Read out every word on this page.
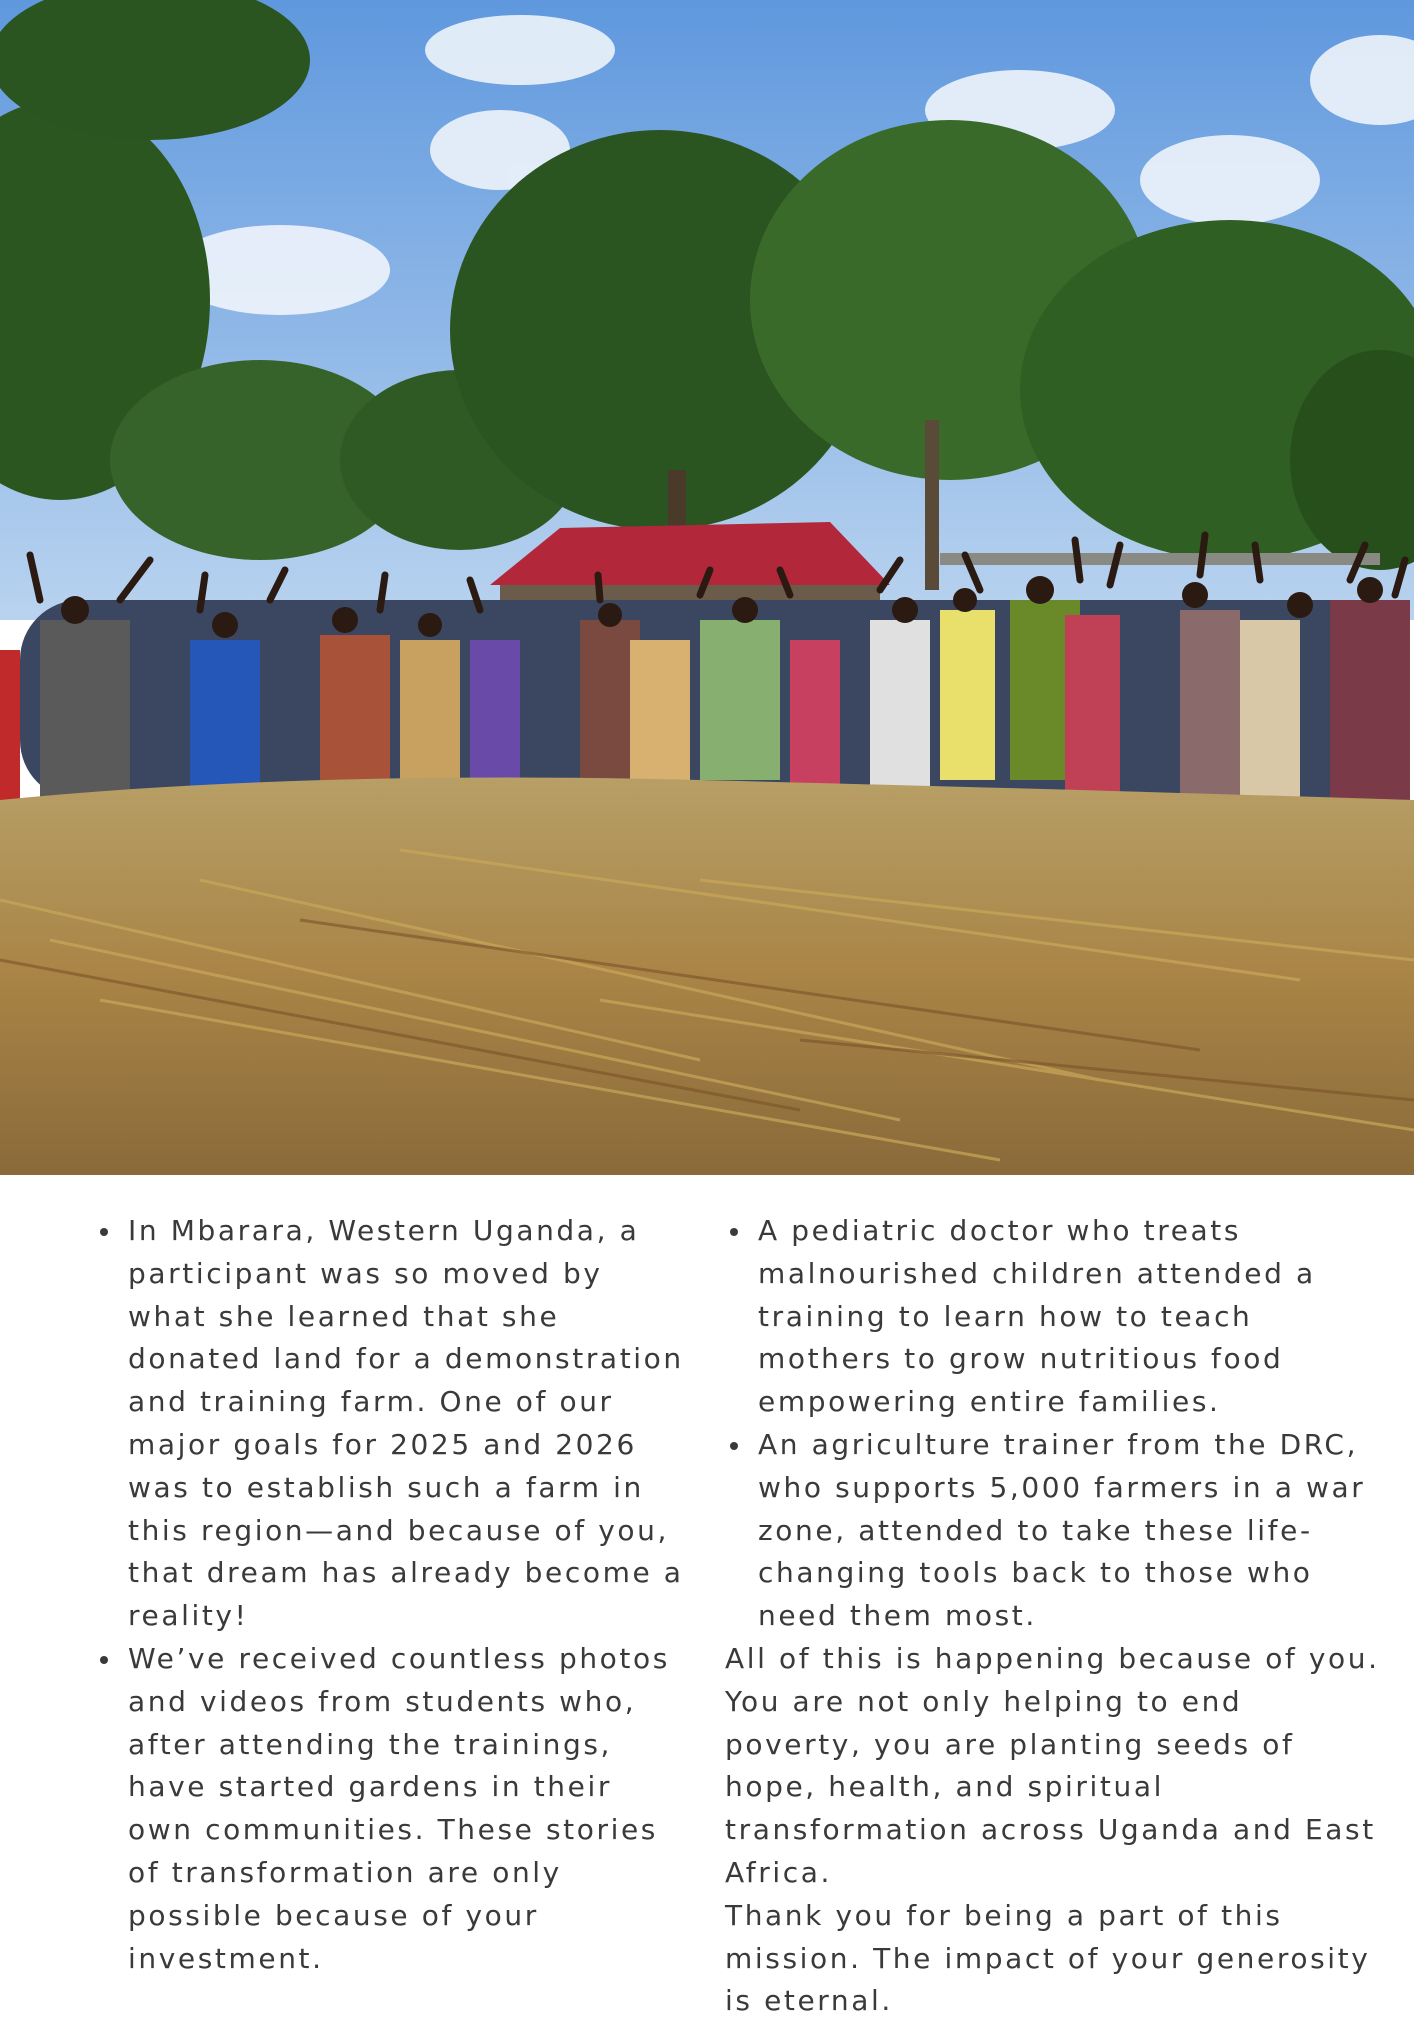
In Mbarara, Western Uganda, a participant was so moved by what she learned that she donated land for a demonstration and training farm. One of our major goals for 2025 and 2026 was to establish such a farm in this region—and because of you, that dream has already become a reality!
We’ve received countless photos and videos from students who, after attending the trainings, have started gardens in their own communities. These stories of transformation are only possible because of your investment.
A pediatric doctor who treats malnourished children attended a training to learn how to teach mothers to grow nutritious food empowering entire families.
An agriculture trainer from the DRC, who supports 5,000 farmers in a war zone, attended to take these life-changing tools back to those who need them most.

All of this is happening because of you. You are not only helping to end poverty, you are planting seeds of hope, health, and spiritual transformation across Uganda and East Africa.

Thank you for being a part of this mission. The impact of your generosity is eternal.
